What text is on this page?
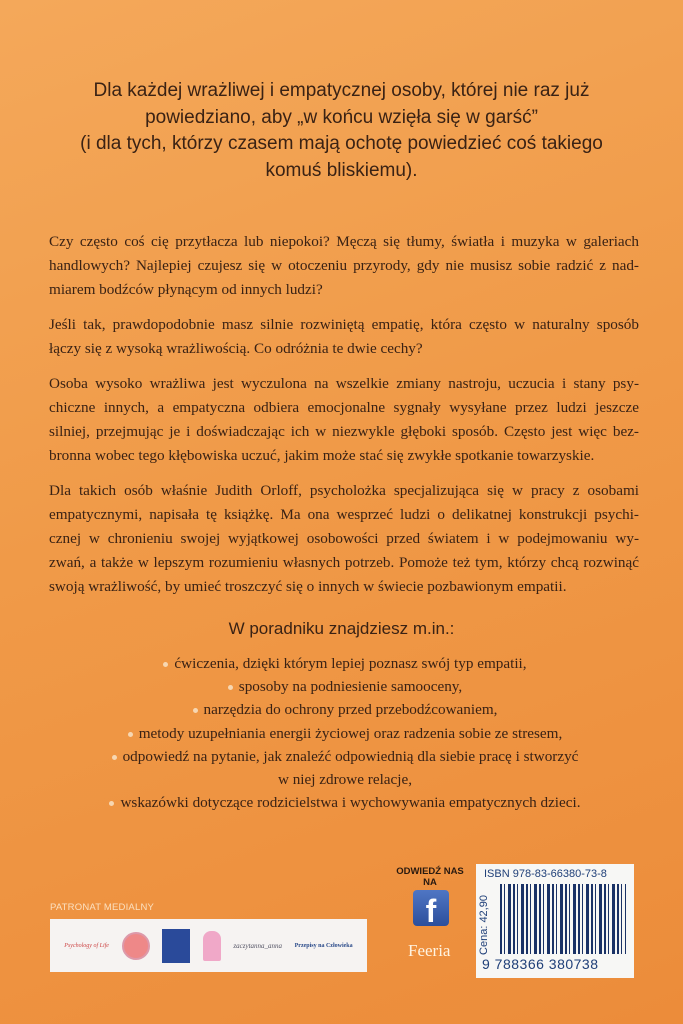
Dla każdej wrażliwej i empatycznej osoby, której nie raz już
powiedziano, aby „w końcu wzięła się w garść”
(i dla tych, którzy czasem mają ochotę powiedzieć coś takiego
komuś bliskiemu).
Czy często coś cię przytłacza lub niepokoi? Męczą się tłumy, światła i muzyka w galeriach
handlowych? Najlepiej czujesz się w otoczeniu przyrody, gdy nie musisz sobie radzić z nad-
miarem bodźców płynącym od innych ludzi?
Jeśli tak, prawdopodobnie masz silnie rozwiniętą empatię, która często w naturalny sposób
łączy się z wysoką wrażliwością. Co odróżnia te dwie cechy?
Osoba wysoko wrażliwa jest wyczulona na wszelkie zmiany nastroju, uczucia i stany psy-
chiczne innych, a empatyczna odbiera emocjonalne sygnały wysyłane przez ludzi jeszcze
silniej, przejmując je i doświadczając ich w niezwykle głęboki sposób. Często jest więc bez-
bronna wobec tego kłębowiska uczuć, jakim może stać się zwykłe spotkanie towarzyskie.
Dla takich osób właśnie Judith Orloff, psycholożka specjalizująca się w pracy z osobami
empatycznymi, napisała tę książkę. Ma ona wesprzeć ludzi o delikatnej konstrukcji psychi-
cznej w chronieniu swojej wyjątkowej osobowości przed światem i w podejmowaniu wy-
zwań, a także w lepszym rozumieniu własnych potrzeb. Pomoże też tym, którzy chcą rozwinąć
swoją wrażliwość, by umieć troszczyć się o innych w świecie pozbawionym empatii.
W poradniku znajdziesz m.in.:
ćwiczenia, dzięki którym lepiej poznasz swój typ empatii,
sposoby na podniesienie samooceny,
narzędzia do ochrony przed przebodźcowaniem,
metody uzupełniania energii życiowej oraz radzenia sobie ze stresem,
odpowiedź na pytanie, jak znaleźć odpowiednią dla siebie pracę i stworzyć
w niej zdrowe relacje,
wskazówki dotyczące rodzicielstwa i wychowywania empatycznych dzieci.
PATRONAT MEDIALNY
Psychology of Life	zaczytanna_anna Przepisy na Człowieka
ODWIEDŹ NAS NA
f
Feeria
ISBN 978-83-66380-73-8
Cena: 42,90
9 788366 380738
